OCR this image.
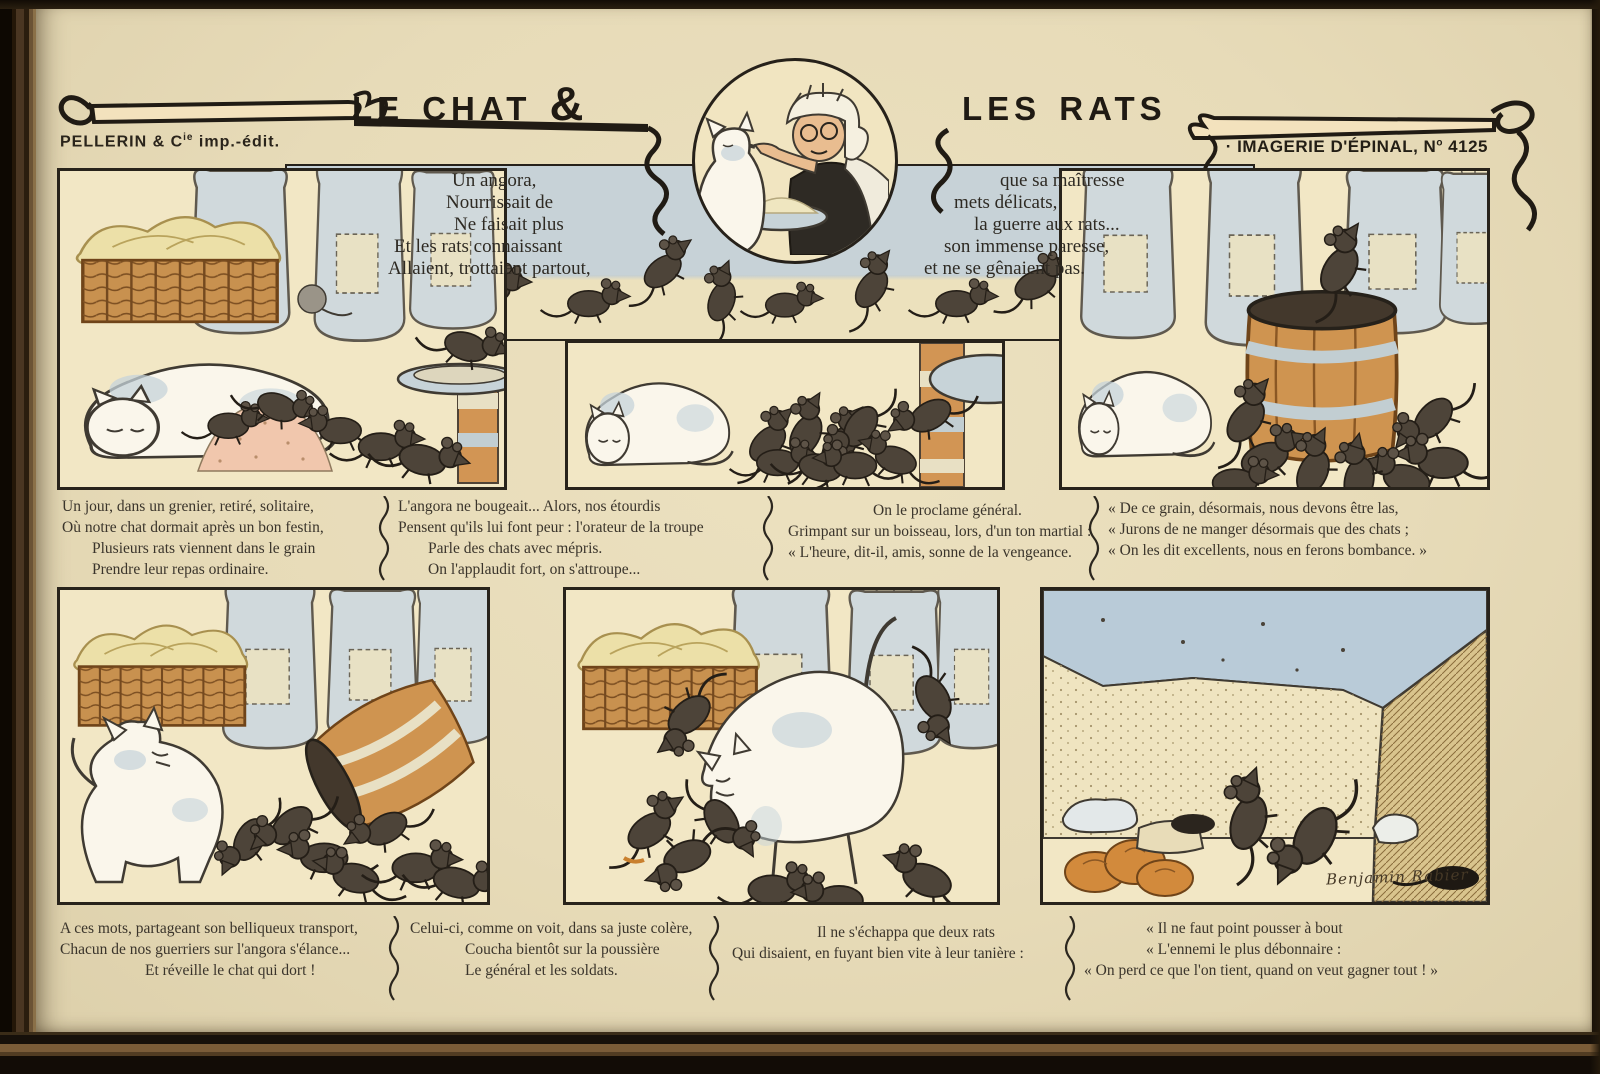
le chat &	les rats
PELLERIN & $C^{ie}$ imp.-édit.	· IMAGERIE D'ÉPINAL, $N^o$ 4125
Un angora,
Nourrissait de
Ne faisait plus
Et les rats connaissant
Allaient, trottaient partout,
que sa maîtresse
mets délicats,
la guerre aux rats...
son immense paresse,
et ne se gênaient pas.
Un jour, dans un grenier, retiré, solitaire,
Où notre chat dormait après un bon festin,
Plusieurs rats viennent dans le grain
Prendre leur repas ordinaire.
L'angora ne bougeait... Alors, nos étourdis
Pensent qu'ils lui font peur : l'orateur de la troupe
Parle des chats avec mépris.
On l'applaudit fort, on s'attroupe...
On le proclame général.
Grimpant sur un boisseau, lors, d'un ton martial :
« L'heure, dit-il, amis, sonne de la vengeance.
« De ce grain, désormais, nous devons être las,
« Jurons de ne manger désormais que des chats ;
« On les dit excellents, nous en ferons bombance. »
Benjamin Rabier
A ces mots, partageant son belliqueux transport,
Chacun de nos guerriers sur l'angora s'élance...
Et réveille le chat qui dort !
Celui-ci, comme on voit, dans sa juste colère,
Coucha bientôt sur la poussière
Le général et les soldats.
Il ne s'échappa que deux rats
Qui disaient, en fuyant bien vite à leur tanière :
« Il ne faut point pousser à bout
« L'ennemi le plus débonnaire :
« On perd ce que l'on tient, quand on veut gagner tout ! »
